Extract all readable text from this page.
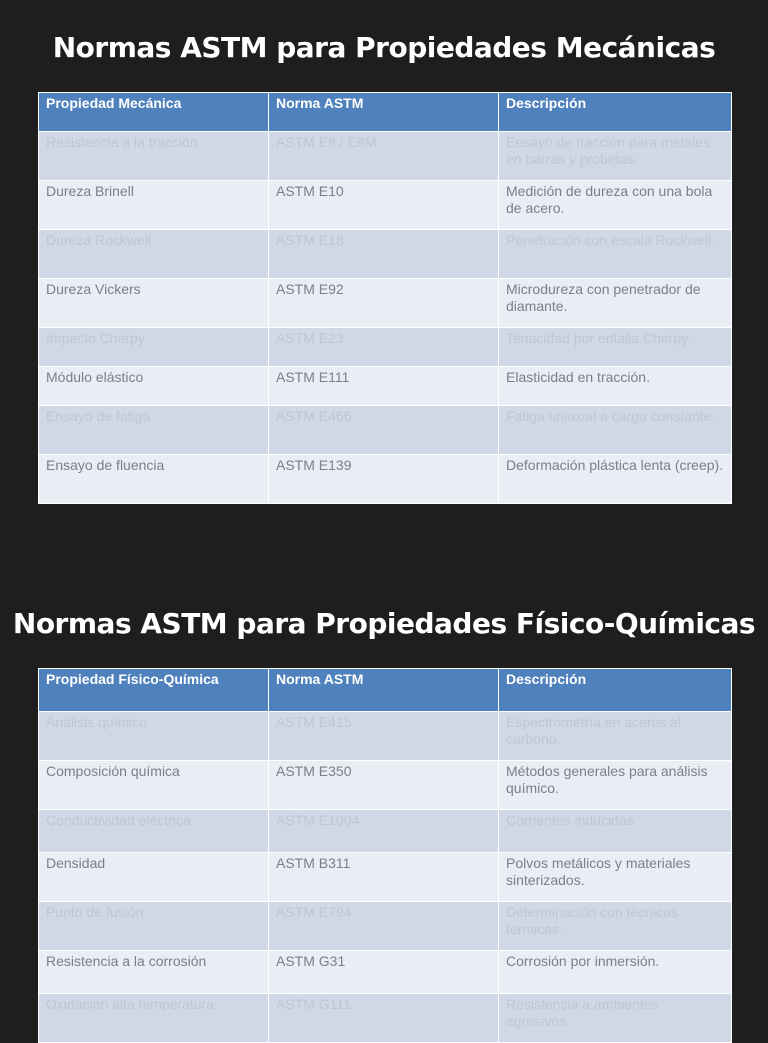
Normas ASTM para Propiedades Mecánicas
Propiedad Mecánica	Norma ASTM	Descripción
Resistencia a la tracción	ASTM E8 / E8M	Ensayo de tracción para metales en barras y probetas.
Dureza Brinell	ASTM E10	Medición de dureza con una bola de acero.
Dureza Rockwell	ASTM E18	Penetración con escala Rockwell.
Dureza Vickers	ASTM E92	Microdureza con penetrador de diamante.
Impacto Charpy	ASTM E23	Tenacidad por entalla Charpy.
Módulo elástico	ASTM E111	Elasticidad en tracción.
Ensayo de fatiga	ASTM E466	Fatiga uniaxial a carga constante.
Ensayo de fluencia	ASTM E139	Deformación plástica lenta (creep).
Normas ASTM para Propiedades Físico-Químicas
Propiedad Físico-Química	Norma ASTM	Descripción
Análisis químico	ASTM E415	Espectrometría en aceros al carbono.
Composición química	ASTM E350	Métodos generales para análisis químico.
Conductividad eléctrica	ASTM E1004	Corrientes inducidas.
Densidad	ASTM B311	Polvos metálicos y materiales sinterizados.
Punto de fusión	ASTM E794	Determinación con técnicas térmicas.
Resistencia a la corrosión	ASTM G31	Corrosión por inmersión.
Oxidación alta temperatura	ASTM G111	Resistencia a ambientes agresivos.
